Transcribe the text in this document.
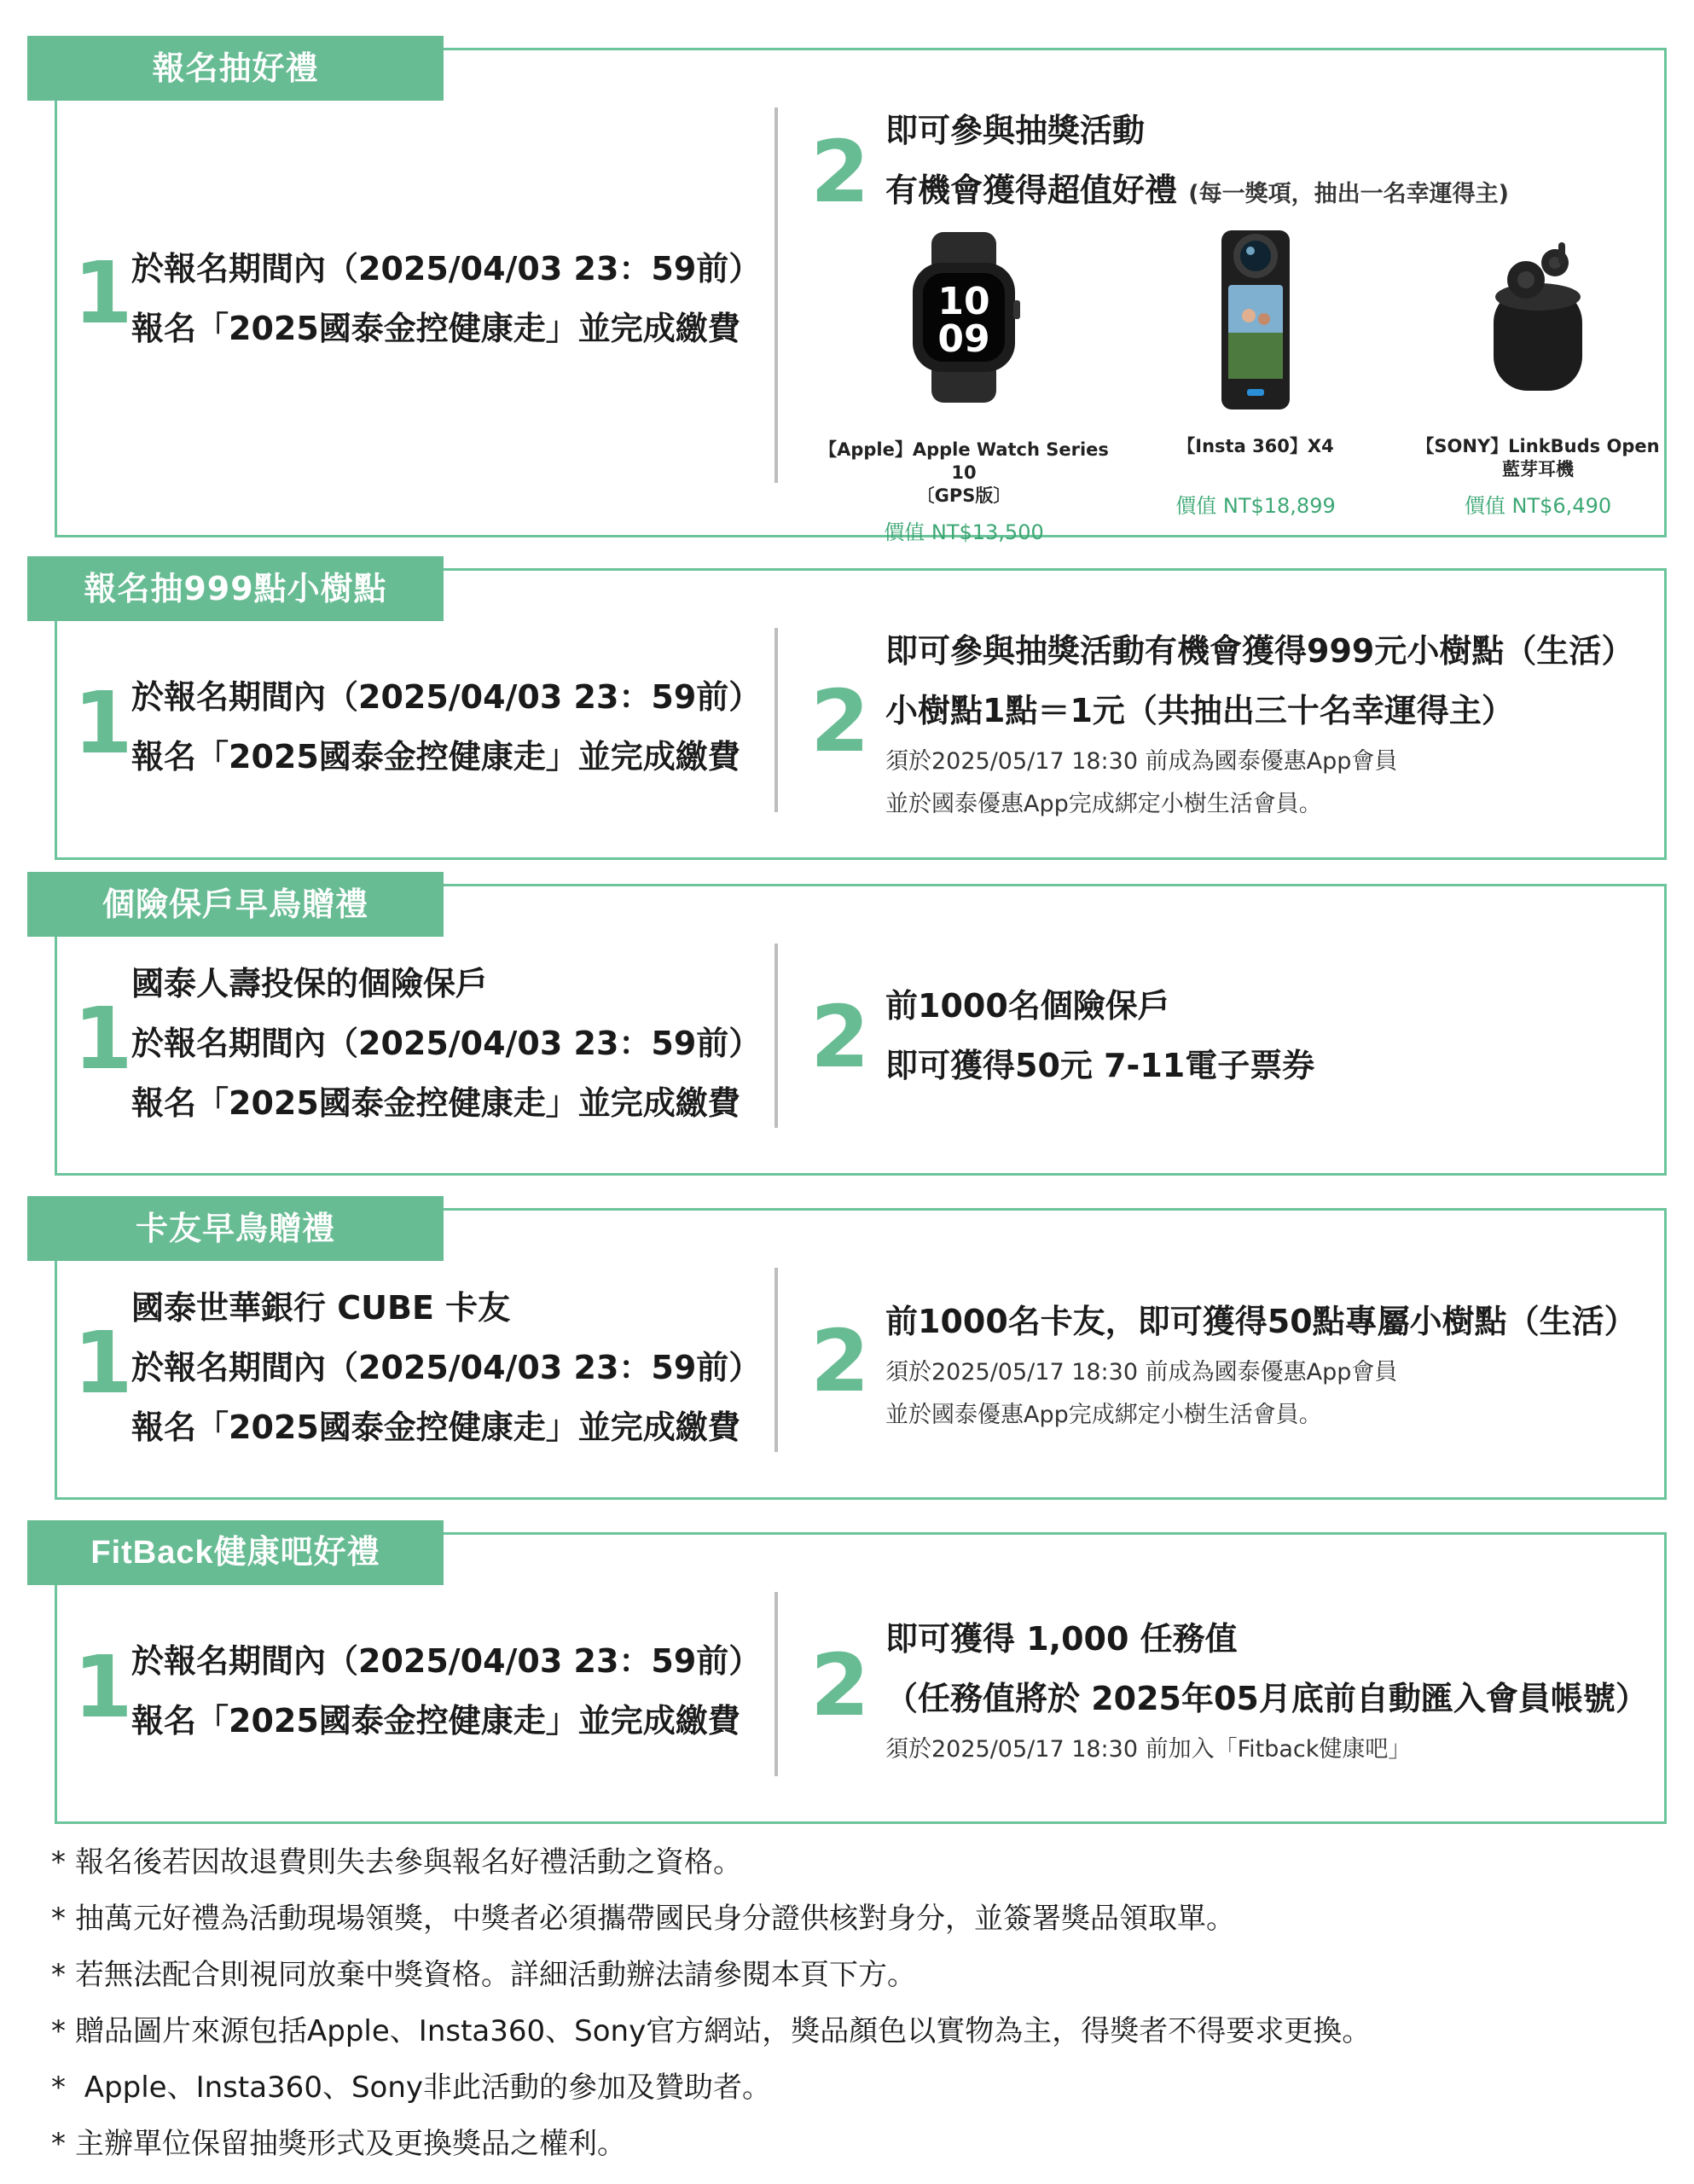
報名抽好禮
1
於報名期間內（2025/04/03 23：59前）
報名「2025國泰金控健康走」並完成繳費
2 即可參與抽獎活動
有機會獲得超值好禮 (每一獎項，抽出一名幸運得主)
10
09
【Apple】Apple Watch Series 10
〔GPS版〕
價值 NT$13,500
【Insta 360】X4
價值 NT$18,899
【SONY】LinkBuds Open
藍芽耳機
價值 NT$6,490
報名抽999點小樹點
1
於報名期間內（2025/04/03 23：59前）
報名「2025國泰金控健康走」並完成繳費 2
即可參與抽獎活動有機會獲得999元小樹點（生活）
小樹點1點＝1元（共抽出三十名幸運得主）
須於2025/05/17 18:30 前成為國泰優惠App會員
並於國泰優惠App完成綁定小樹生活會員。
個險保戶早鳥贈禮
1
國泰人壽投保的個險保戶
於報名期間內（2025/04/03 23：59前）
報名「2025國泰金控健康走」並完成繳費
2 前1000名個險保戶
即可獲得50元 7-11電子票券
卡友早鳥贈禮
1
國泰世華銀行 CUBE 卡友
於報名期間內（2025/04/03 23：59前）
報名「2025國泰金控健康走」並完成繳費
2 前1000名卡友，即可獲得50點專屬小樹點（生活）
須於2025/05/17 18:30 前成為國泰優惠App會員
並於國泰優惠App完成綁定小樹生活會員。
FitBack健康吧好禮
1
於報名期間內（2025/04/03 23：59前）
報名「2025國泰金控健康走」並完成繳費 2 即可獲得 1,000 任務值
（任務值將於 2025年05月底前自動匯入會員帳號）
須於2025/05/17 18:30 前加入「Fitback健康吧」
* 報名後若因故退費則失去參與報名好禮活動之資格。
* 抽萬元好禮為活動現場領獎，中獎者必須攜帶國民身分證供核對身分，並簽署獎品領取單。
* 若無法配合則視同放棄中獎資格。詳細活動辦法請參閱本頁下方。
* 贈品圖片來源包括Apple、Insta360、Sony官方網站，獎品顏色以實物為主，得獎者不得要求更換。
* Apple、Insta360、Sony非此活動的參加及贊助者。
* 主辦單位保留抽獎形式及更換獎品之權利。
